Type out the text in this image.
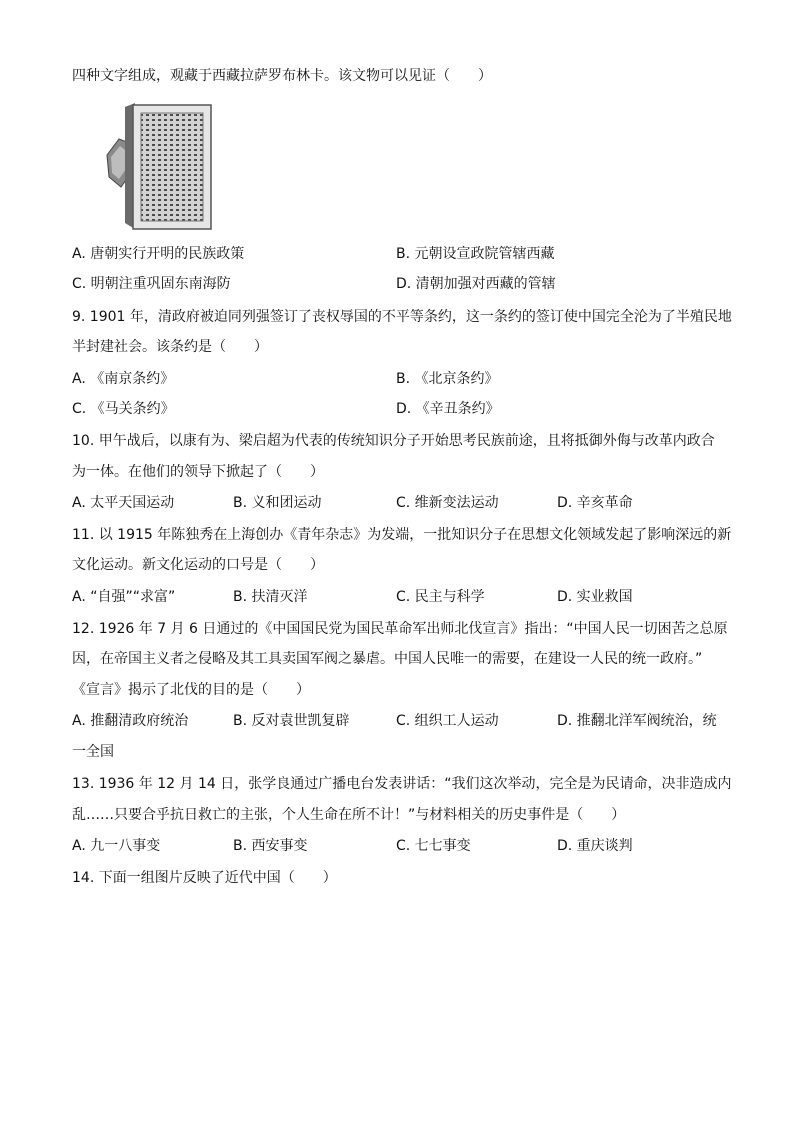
四种文字组成，观藏于西藏拉萨罗布林卡。该文物可以见证（　　）
A. 唐朝实行开明的民族政策	B. 元朝设宣政院管辖西藏
C. 明朝注重巩固东南海防	D. 清朝加强对西藏的管辖
9. 1901 年，清政府被迫同列强签订了丧权辱国的不平等条约，这一条约的签订使中国完全沦为了半殖民地
半封建社会。该条约是（　　）
A. 《南京条约》	B. 《北京条约》
C. 《马关条约》	D. 《辛丑条约》
10. 甲午战后，以康有为、梁启超为代表的传统知识分子开始思考民族前途，且将抵御外侮与改革内政合
为一体。在他们的领导下掀起了（　　）
A. 太平天国运动	B. 义和团运动	C. 维新变法运动	D. 辛亥革命
11. 以 1915 年陈独秀在上海创办《青年杂志》为发端，一批知识分子在思想文化领域发起了影响深远的新
文化运动。新文化运动的口号是（　　）
A. “自强”“求富”	B. 扶清灭洋	C. 民主与科学	D. 实业救国
12. 1926 年 7 月 6 日通过的《中国国民党为国民革命军出师北伐宣言》指出：“中国人民一切困苦之总原
因，在帝国主义者之侵略及其工具卖国军阀之暴虐。中国人民唯一的需要，在建设一人民的统一政府。”
《宣言》揭示了北伐的目的是（　　）
A. 推翻清政府统治	B. 反对袁世凯复辟	C. 组织工人运动	D. 推翻北洋军阀统治，统
一全国
13. 1936 年 12 月 14 日，张学良通过广播电台发表讲话：“我们这次举动，完全是为民请命，决非造成内
乱……只要合乎抗日救亡的主张，个人生命在所不计！”与材料相关的历史事件是（　　）
A. 九一八事变	B. 西安事变	C. 七七事变	D. 重庆谈判
14. 下面一组图片反映了近代中国（　　）
